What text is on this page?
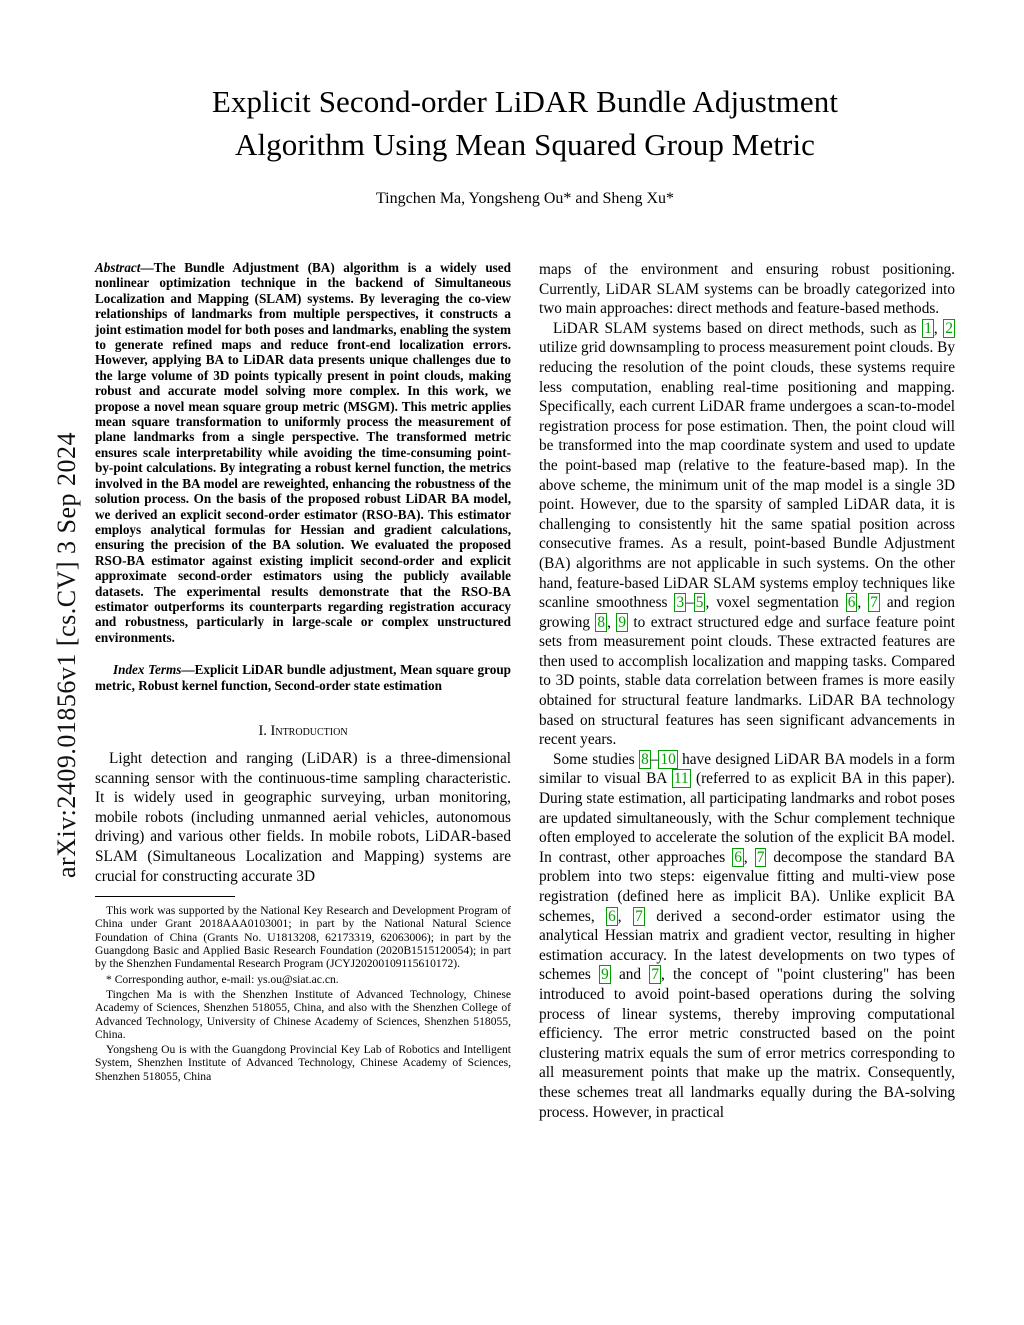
arXiv:2409.01856v1 [cs.CV] 3 Sep 2024
Explicit Second-order LiDAR Bundle Adjustment
Algorithm Using Mean Squared Group Metric
Tingchen Ma, Yongsheng Ou* and Sheng Xu*
Abstract—The Bundle Adjustment (BA) algorithm is a widely used nonlinear optimization technique in the backend of Simultaneous Localization and Mapping (SLAM) systems. By leveraging the co-view relationships of landmarks from multiple perspectives, it constructs a joint estimation model for both poses and landmarks, enabling the system to generate refined maps and reduce front-end localization errors. However, applying BA to LiDAR data presents unique challenges due to the large volume of 3D points typically present in point clouds, making robust and accurate model solving more complex. In this work, we propose a novel mean square group metric (MSGM). This metric applies mean square transformation to uniformly process the measurement of plane landmarks from a single perspective. The transformed metric ensures scale interpretability while avoiding the time-consuming point-by-point calculations. By integrating a robust kernel function, the metrics involved in the BA model are reweighted, enhancing the robustness of the solution process. On the basis of the proposed robust LiDAR BA model, we derived an explicit second-order estimator (RSO-BA). This estimator employs analytical formulas for Hessian and gradient calculations, ensuring the precision of the BA solution. We evaluated the proposed RSO-BA estimator against existing implicit second-order and explicit approximate second-order estimators using the publicly available datasets. The experimental results demonstrate that the RSO-BA estimator outperforms its counterparts regarding registration accuracy and robustness, particularly in large-scale or complex unstructured environments.
Index Terms—Explicit LiDAR bundle adjustment, Mean square group metric, Robust kernel function, Second-order state estimation
I. Introduction

Light detection and ranging (LiDAR) is a three-dimensional scanning sensor with the continuous-time sampling characteristic. It is widely used in geographic surveying, urban monitoring, mobile robots (including unmanned aerial vehicles, autonomous driving) and various other fields. In mobile robots, LiDAR-based SLAM (Simultaneous Localization and Mapping) systems are crucial for constructing accurate 3D

This work was supported by the National Key Research and Development Program of China under Grant 2018AAA0103001; in part by the National Natural Science Foundation of China (Grants No. U1813208, 62173319, 62063006); in part by the Guangdong Basic and Applied Basic Research Foundation (2020B1515120054); in part by the Shenzhen Fundamental Research Program (JCYJ20200109115610172).

* Corresponding author, e-mail: ys.ou@siat.ac.cn.

Tingchen Ma is with the Shenzhen Institute of Advanced Technology, Chinese Academy of Sciences, Shenzhen 518055, China, and also with the Shenzhen College of Advanced Technology, University of Chinese Academy of Sciences, Shenzhen 518055, China.

Yongsheng Ou is with the Guangdong Provincial Key Lab of Robotics and Intelligent System, Shenzhen Institute of Advanced Technology, Chinese Academy of Sciences, Shenzhen 518055, China

maps of the environment and ensuring robust positioning. Currently, LiDAR SLAM systems can be broadly categorized into two main approaches: direct methods and feature-based methods.

LiDAR SLAM systems based on direct methods, such as 1 , 2 utilize grid downsampling to process measurement point clouds. By reducing the resolution of the point clouds, these systems require less computation, enabling real-time positioning and mapping. Specifically, each current LiDAR frame undergoes a scan-to-model registration process for pose estimation. Then, the point cloud will be transformed into the map coordinate system and used to update the point-based map (relative to the feature-based map). In the above scheme, the minimum unit of the map model is a single 3D point. However, due to the sparsity of sampled LiDAR data, it is challenging to consistently hit the same spatial position across consecutive frames. As a result, point-based Bundle Adjustment (BA) algorithms are not applicable in such systems. On the other hand, feature-based LiDAR SLAM systems employ techniques like scanline smoothness 3 – 5 , voxel segmentation 6 , 7 and region growing 8 , 9 to extract structured edge and surface feature point sets from measurement point clouds. These extracted features are then used to accomplish localization and mapping tasks. Compared to 3D points, stable data correlation between frames is more easily obtained for structural feature landmarks. LiDAR BA technology based on structural features has seen significant advancements in recent years.

Some studies 8 – 10 have designed LiDAR BA models in a form similar to visual BA 11 (referred to as explicit BA in this paper). During state estimation, all participating landmarks and robot poses are updated simultaneously, with the Schur complement technique often employed to accelerate the solution of the explicit BA model. In contrast, other approaches 6 , 7 decompose the standard BA problem into two steps: eigenvalue fitting and multi-view pose registration (defined here as implicit BA). Unlike explicit BA schemes, 6 , 7 derived a second-order estimator using the analytical Hessian matrix and gradient vector, resulting in higher estimation accuracy. In the latest developments on two types of schemes 9 and 7 , the concept of "point clustering" has been introduced to avoid point-based operations during the solving process of linear systems, thereby improving computational efficiency. The error metric constructed based on the point clustering matrix equals the sum of error metrics corresponding to all measurement points that make up the matrix. Consequently, these schemes treat all landmarks equally during the BA-solving process. However, in practical
